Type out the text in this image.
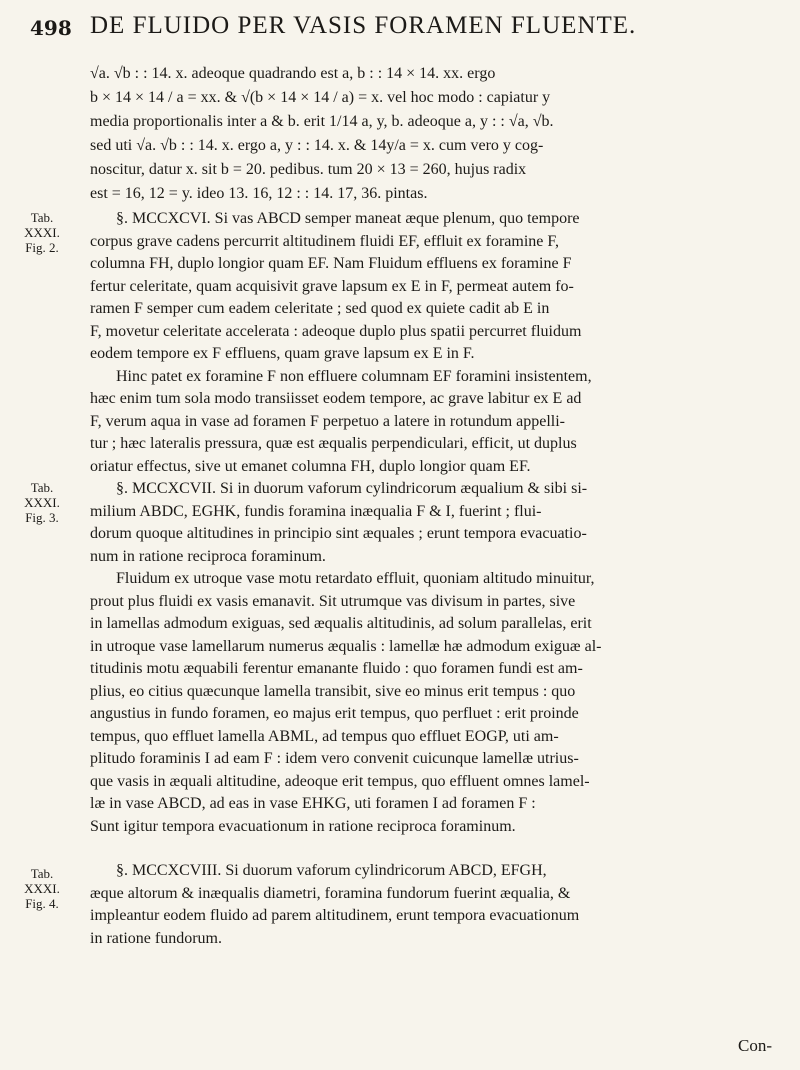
498 DE FLUIDO PER VASIS FORAMEN FLUENTE.
Tab.
XXXI.
Fig. 2.
Tab.
XXXI.
Fig. 3.
Tab.
XXXI.
Fig. 4.
√a. √b : : 14. x. adeoque quadrando est a, b : : 14 × 14. xx. ergo
b × 14 × 14 / a = xx. & √(b × 14 × 14 / a) = x. vel hoc modo : capiatur y
media proportionalis inter a & b. erit 1/14 a, y, b. adeoque a, y : : √a, √b.
sed uti √a. √b : : 14. x. ergo a, y : : 14. x. & 14y/a = x. cum vero y cog-
noscitur, datur x. sit b = 20. pedibus. tum 20 × 13 = 260, hujus radix
est = 16, 12 = y. ideo 13. 16, 12 : : 14. 17, 36. pintas.
§. MCCXCVI. Si vas ABCD semper maneat æque plenum, quo tempore
corpus grave cadens percurrit altitudinem fluidi EF, effluit ex foramine F,
columna FH, duplo longior quam EF. Nam Fluidum effluens ex foramine F
fertur celeritate, quam acquisivit grave lapsum ex E in F, permeat autem fo-
ramen F semper cum eadem celeritate ; sed quod ex quiete cadit ab E in
F, movetur celeritate accelerata : adeoque duplo plus spatii percurret fluidum
eodem tempore ex F effluens, quam grave lapsum ex E in F.
Hinc patet ex foramine F non effluere columnam EF foramini insistentem,
hæc enim tum sola modo transiisset eodem tempore, ac grave labitur ex E ad
F, verum aqua in vase ad foramen F perpetuo a latere in rotundum appelli-
tur ; hæc lateralis pressura, quæ est æqualis perpendiculari, efficit, ut duplus
oriatur effectus, sive ut emanet columna FH, duplo longior quam EF.
§. MCCXCVII. Si in duorum vaforum cylindricorum æqualium & sibi si-
milium ABDC, EGHK, fundis foramina inæqualia F & I, fuerint ; flui-
dorum quoque altitudines in principio sint æquales ; erunt tempora evacuatio-
num in ratione reciproca foraminum.
Fluidum ex utroque vase motu retardato effluit, quoniam altitudo minuitur,
prout plus fluidi ex vasis emanavit. Sit utrumque vas divisum in partes, sive
in lamellas admodum exiguas, sed æqualis altitudinis, ad solum parallelas, erit
in utroque vase lamellarum numerus æqualis : lamellæ hæ admodum exiguæ al-
titudinis motu æquabili ferentur emanante fluido : quo foramen fundi est am-
plius, eo citius quæcunque lamella transibit, sive eo minus erit tempus : quo
angustius in fundo foramen, eo majus erit tempus, quo perfluet : erit proinde
tempus, quo effluet lamella ABML, ad tempus quo effluet EOGP, uti am-
plitudo foraminis I ad eam F : idem vero convenit cuicunque lamellæ utrius-
que vasis in æquali altitudine, adeoque erit tempus, quo effluent omnes lamel-
læ in vase ABCD, ad eas in vase EHKG, uti foramen I ad foramen F :
Sunt igitur tempora evacuationum in ratione reciproca foraminum.
§. MCCXCVIII. Si duorum vaforum cylindricorum ABCD, EFGH,
æque altorum & inæqualis diametri, foramina fundorum fuerint æqualia, &
impleantur eodem fluido ad parem altitudinem, erunt tempora evacuationum
in ratione fundorum.
Con-
